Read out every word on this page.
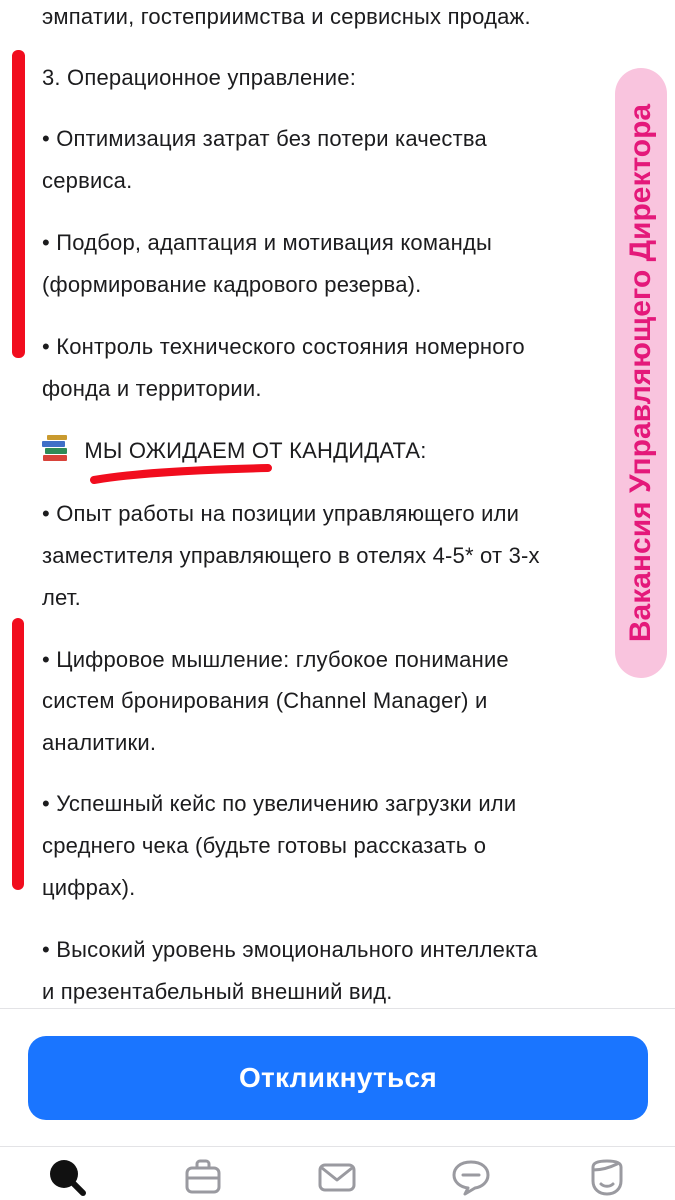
эмпатии, гостеприимства и сервисных продаж.
3. Операционное управление:
• Оптимизация затрат без потери качества
сервиса.
• Подбор, адаптация и мотивация команды
(формирование кадрового резерва).
• Контроль технического состояния номерного
фонда и территории.
МЫ ОЖИДАЕМ ОТ КАНДИДАТА:
• Опыт работы на позиции управляющего или
заместителя управляющего в отелях 4-5* от 3-х
лет.
• Цифровое мышление: глубокое понимание
систем бронирования (Channel Manager) и
аналитики.
• Успешный кейс по увеличению загрузки или
среднего чека (будьте готовы рассказать о
цифрах).
• Высокий уровень эмоционального интеллекта
и презентабельный внешний вид.
Вакансия Управляющего Директора
Откликнуться
